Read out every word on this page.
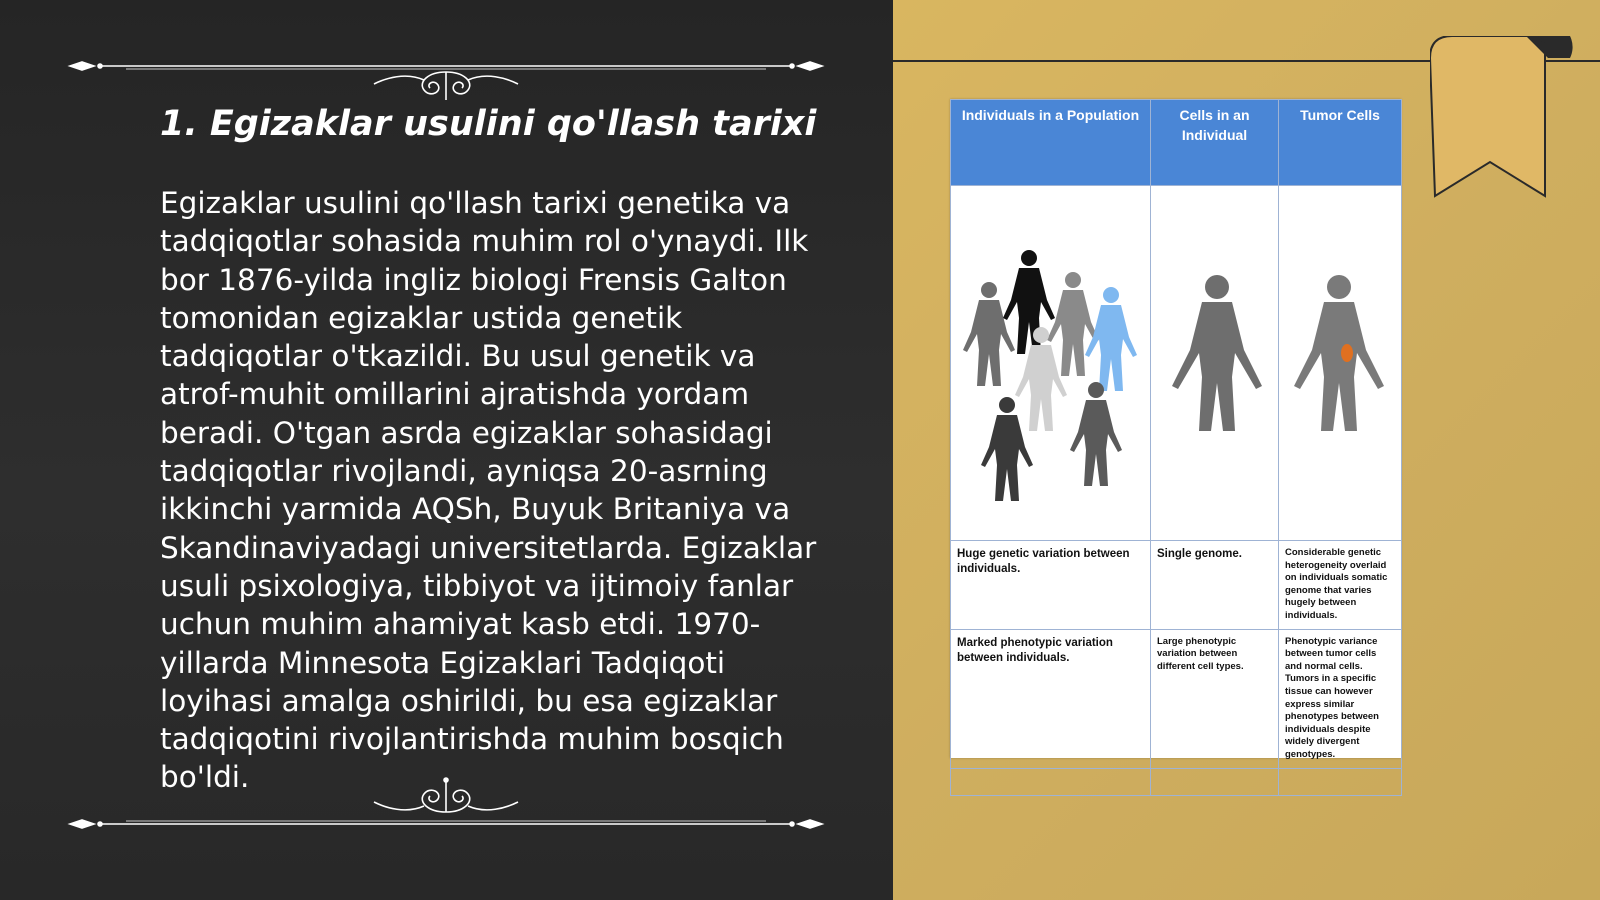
1. Egizaklar usulini qo'llash tarixi

Egizaklar usulini qo'llash tarixi genetika va tadqiqotlar sohasida muhim rol o'ynaydi. Ilk bor 1876-yilda ingliz biologi Frensis Galton tomonidan egizaklar ustida genetik tadqiqotlar o'tkazildi. Bu usul genetik va atrof-muhit omillarini ajratishda yordam beradi. O'tgan asrda egizaklar sohasidagi tadqiqotlar rivojlandi, ayniqsa 20-asrning ikkinchi yarmida AQSh, Buyuk Britaniya va Skandinaviyadagi universitetlarda. Egizaklar usuli psixologiya, tibbiyot va ijtimoiy fanlar uchun muhim ahamiyat kasb etdi. 1970-yillarda Minnesota Egizaklari Tadqiqoti loyihasi amalga oshirildi, bu esa egizaklar tadqiqotini rivojlantirishda muhim bosqich bo'ldi.

Individuals in a Population	Cells in an Individual	Tumor Cells

Huge genetic variation between individuals.	Single genome.	Considerable genetic heterogeneity overlaid on individuals somatic genome that varies hugely between individuals.

Marked phenotypic variation between individuals.	Large phenotypic variation between different cell types.	Phenotypic variance between tumor cells and normal cells. Tumors in a specific tissue can however express similar phenotypes between individuals despite widely divergent genotypes.
